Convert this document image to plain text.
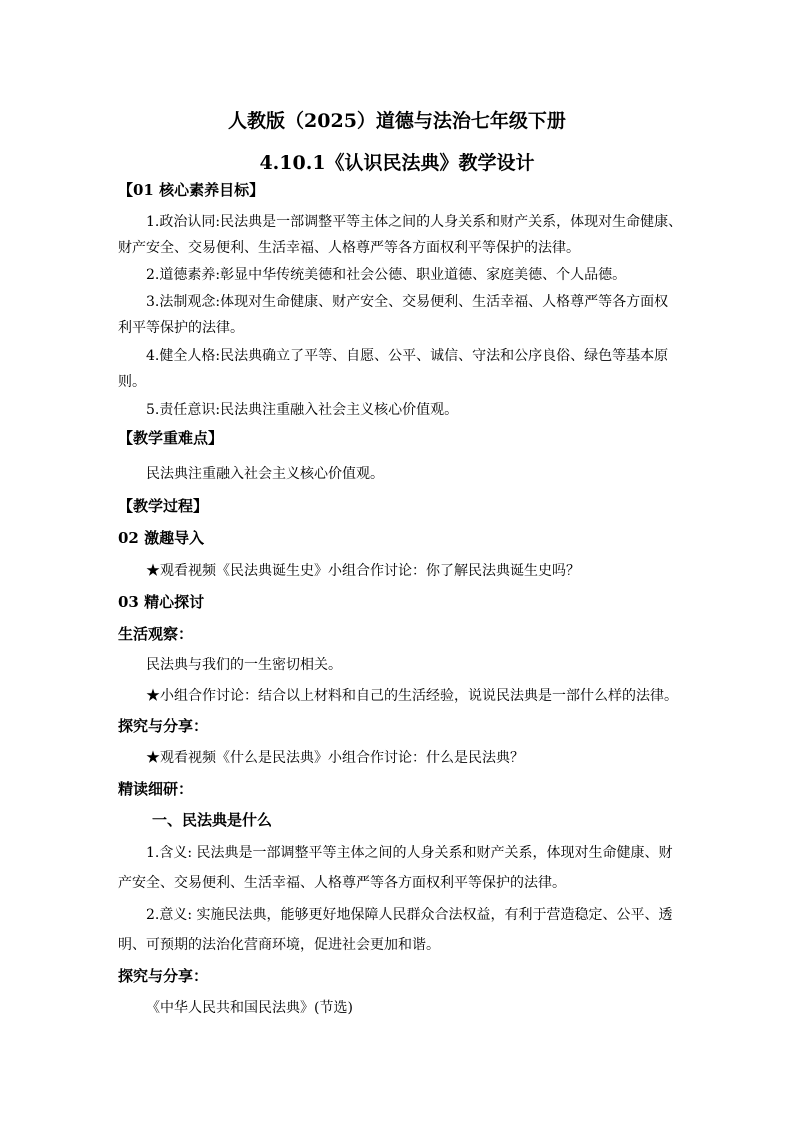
人教版（2025）道德与法治七年级下册
4.10.1《认识民法典》教学设计
【01 核心素养目标】
1.政治认同:民法典是一部调整平等主体之间的人身关系和财产关系，体现对生命健康、
财产安全、交易便利、生活幸福、人格尊严等各方面权利平等保护的法律。
2.道德素养:彰显中华传统美德和社会公德、职业道德、家庭美德、个人品德。
3.法制观念:体现对生命健康、财产安全、交易便利、生活幸福、人格尊严等各方面权
利平等保护的法律。
4.健全人格:民法典确立了平等、自愿、公平、诚信、守法和公序良俗、绿色等基本原
则。
5.责任意识:民法典注重融入社会主义核心价值观。
【教学重难点】
民法典注重融入社会主义核心价值观。
【教学过程】
02 激趣导入
★观看视频《民法典诞生史》小组合作讨论：你了解民法典诞生史吗？
03 精心探讨
生活观察：
民法典与我们的一生密切相关。
★小组合作讨论：结合以上材料和自己的生活经验，说说民法典是一部什么样的法律。
探究与分享：
★观看视频《什么是民法典》小组合作讨论：什么是民法典？
精读细研：
一、民法典是什么
1.含义: 民法典是一部调整平等主体之间的人身关系和财产关系，体现对生命健康、财
产安全、交易便利、生活幸福、人格尊严等各方面权利平等保护的法律。
2.意义: 实施民法典，能够更好地保障人民群众合法权益，有利于营造稳定、公平、透
明、可预期的法治化营商环境，促进社会更加和谐。
探究与分享：
《中华人民共和国民法典》(节选)
